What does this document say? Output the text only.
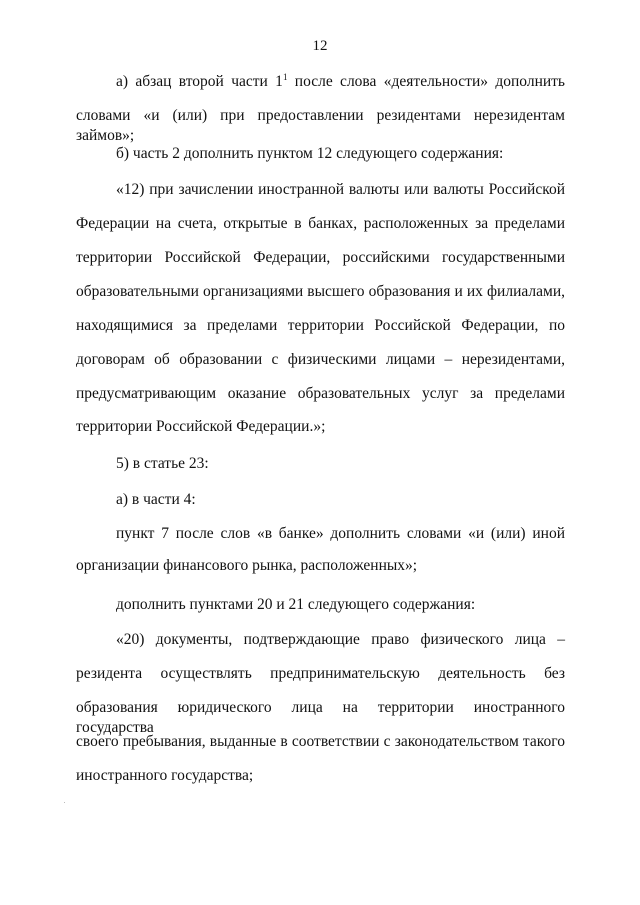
12
а) абзац второй части $1^1$ после слова «деятельности» дополнить
словами «и (или) при предоставлении резидентами нерезидентам займов»;
б) часть 2 дополнить пунктом 12 следующего содержания:
«12) при зачислении иностранной валюты или валюты Российской
Федерации на счета, открытые в банках, расположенных за пределами
территории Российской Федерации, российскими государственными
образовательными организациями высшего образования и их филиалами,
находящимися за пределами территории Российской Федерации, по
договорам об образовании с физическими лицами – нерезидентами,
предусматривающим оказание образовательных услуг за пределами
территории Российской Федерации.»;
5) в статье 23:
а) в части 4:
пункт 7 после слов «в банке» дополнить словами «и (или) иной
организации финансового рынка, расположенных»;
дополнить пунктами 20 и 21 следующего содержания:
«20) документы, подтверждающие право физического лица –
резидента осуществлять предпринимательскую деятельность без
образования юридического лица на территории иностранного государства
своего пребывания, выданные в соответствии с законодательством такого
иностранного государства;
